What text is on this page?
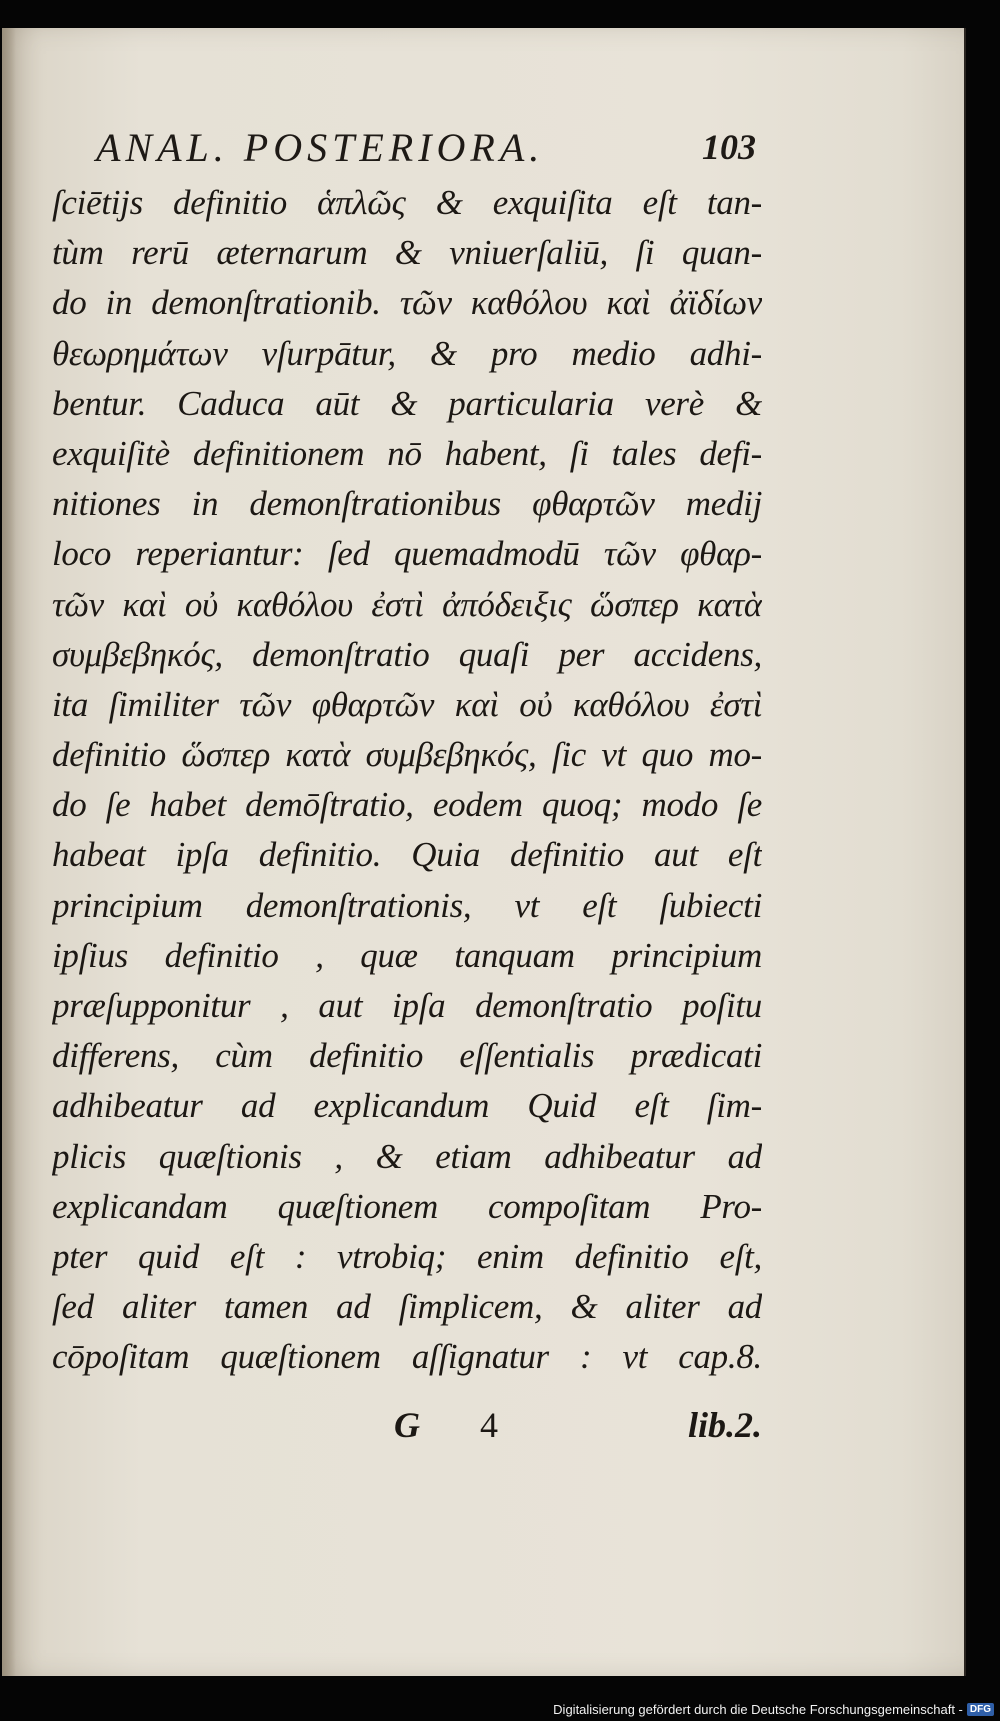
ANAL. POSTERIORA.	103
ſciētijs definitio ἁπλῶς & exquiſita eſt tan-
tùm rerū æternarum & vniuerſaliū, ſi quan-
do in demonſtrationib. τῶν καθόλου καὶ ἀϊδίων
θεωρημάτων vſurpātur, & pro medio adhi-
bentur. Caduca aūt & particularia verè &
exquiſitè definitionem nō habent, ſi tales defi-
nitiones in demonſtrationibus φθαρτῶν medij
loco reperiantur: ſed quemadmodū τῶν φθαρ-
τῶν καὶ οὐ καθόλου ἐστὶ ἀπόδειξις ὥσπερ κατὰ
συμβεβηκός, demonſtratio quaſi per accidens,
ita ſimiliter τῶν φθαρτῶν καὶ οὐ καθόλου ἐστὶ
definitio ὥσπερ κατὰ συμβεβηκός, ſic vt quo mo-
do ſe habet demōſtratio, eodem quoq; modo ſe
habeat ipſa definitio. Quia definitio aut eſt
principium demonſtrationis, vt eſt ſubiecti
ipſius definitio , quæ tanquam principium
præſupponitur , aut ipſa demonſtratio poſitu
differens, cùm definitio eſſentialis prædicati
adhibeatur ad explicandum Quid eſt ſim-
plicis quæſtionis , & etiam adhibeatur ad
explicandam quæſtionem compoſitam Pro-
pter quid eſt : vtrobiq; enim definitio eſt,
ſed aliter tamen ad ſimplicem, & aliter ad
cōpoſitam quæſtionem aſſignatur : vt cap.8.
G 4	lib.2.
Digitalisierung gefördert durch die Deutsche Forschungsgemeinschaft - DFG
